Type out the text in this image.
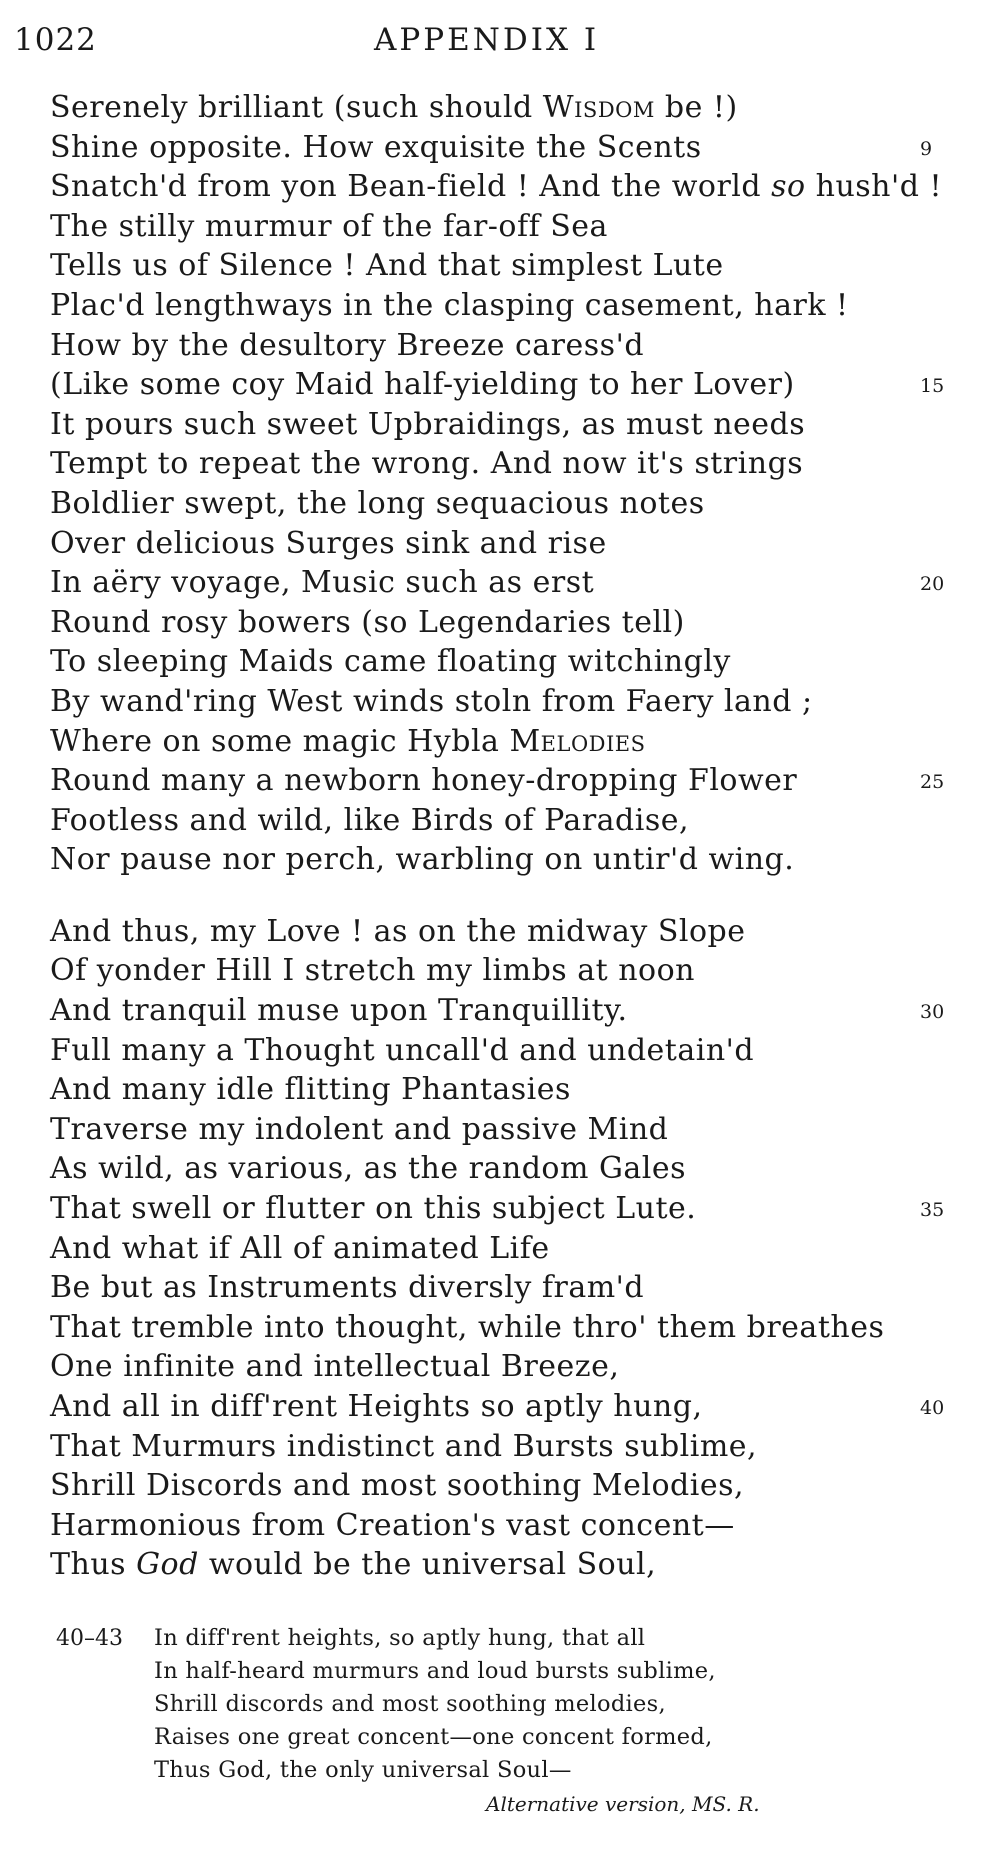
1022	APPENDIX I
Serenely brilliant (such should Wisdom be !)
Shine opposite. How exquisite the Scents	9
Snatch'd from yon Bean-field ! And the world so hush'd !
The stilly murmur of the far-off Sea
Tells us of Silence ! And that simplest Lute
Plac'd lengthways in the clasping casement, hark !
How by the desultory Breeze caress'd
(Like some coy Maid half-yielding to her Lover)	15
It pours such sweet Upbraidings, as must needs
Tempt to repeat the wrong. And now it's strings
Boldlier swept, the long sequacious notes
Over delicious Surges sink and rise
In aëry voyage, Music such as erst	20
Round rosy bowers (so Legendaries tell)
To sleeping Maids came floating witchingly
By wand'ring West winds stoln from Faery land ;
Where on some magic Hybla Melodies
Round many a newborn honey-dropping Flower	25
Footless and wild, like Birds of Paradise,
Nor pause nor perch, warbling on untir'd wing.
And thus, my Love ! as on the midway Slope
Of yonder Hill I stretch my limbs at noon
And tranquil muse upon Tranquillity.	30
Full many a Thought uncall'd and undetain'd
And many idle flitting Phantasies
Traverse my indolent and passive Mind
As wild, as various, as the random Gales
That swell or flutter on this subject Lute.	35
And what if All of animated Life
Be but as Instruments diversly fram'd
That tremble into thought, while thro' them breathes
One infinite and intellectual Breeze,
And all in diff'rent Heights so aptly hung,	40
That Murmurs indistinct and Bursts sublime,
Shrill Discords and most soothing Melodies,
Harmonious from Creation's vast concent—
Thus God would be the universal Soul,
40–43 In diff'rent heights, so aptly hung, that all
In half-heard murmurs and loud bursts sublime,
Shrill discords and most soothing melodies,
Raises one great concent—one concent formed,
Thus God, the only universal Soul—
Alternative version, MS. R.
